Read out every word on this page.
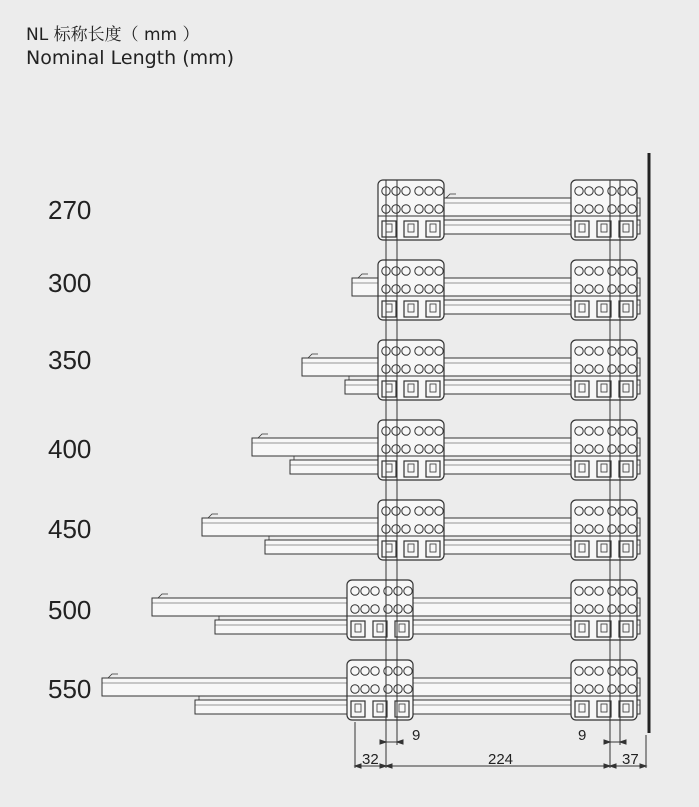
NL 标称长度（ mm ）
Nominal Length (mm)
270
300
350
400
450
500
550
32
9
224
9
37
